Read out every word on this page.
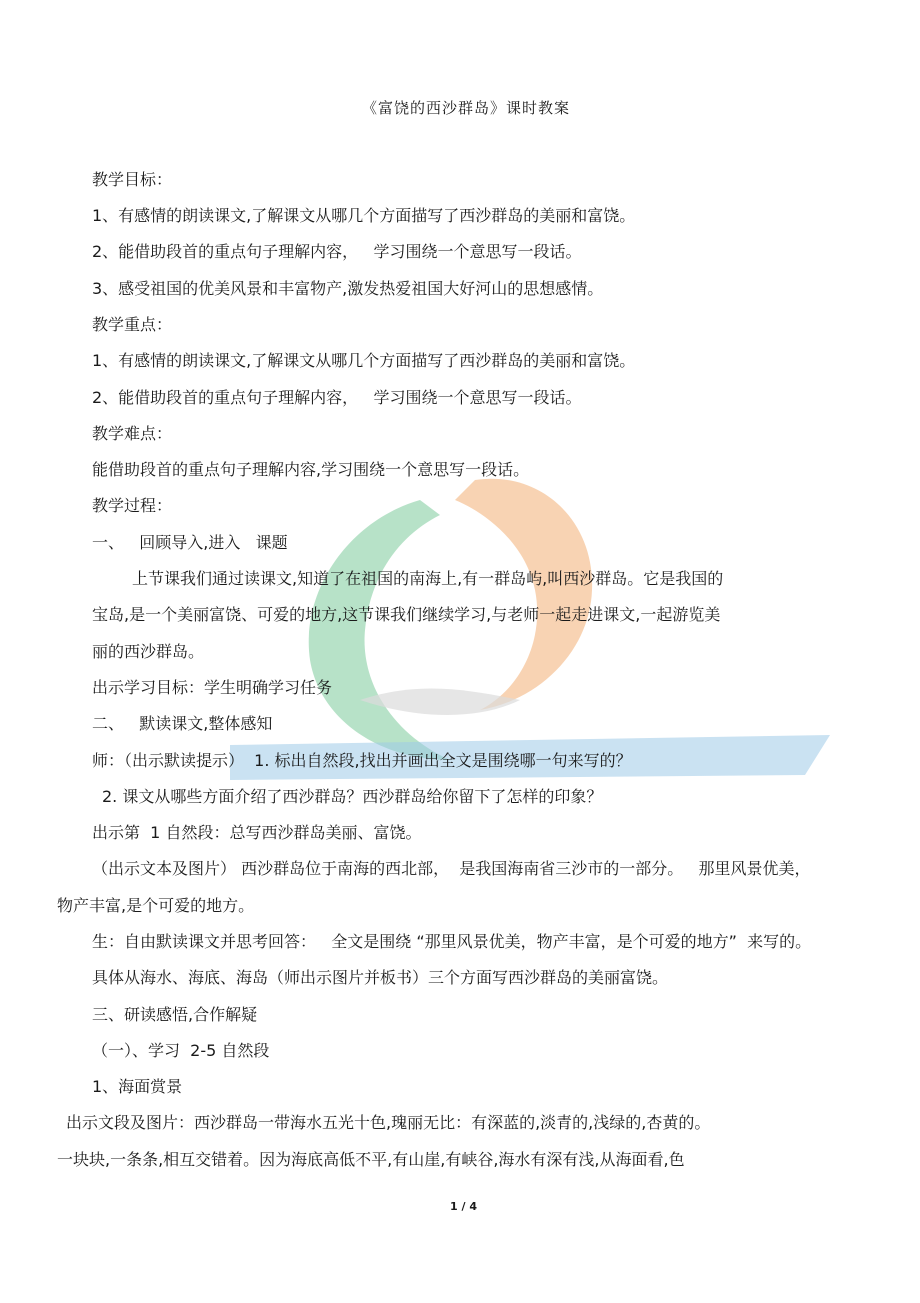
《富饶的西沙群岛》课时教案
教学目标：
1、有感情的朗读课文,了解课文从哪几个方面描写了西沙群岛的美丽和富饶。
2、能借助段首的重点句子理解内容，   学习围绕一个意思写一段话。
3、感受祖国的优美风景和丰富物产,激发热爱祖国大好河山的思想感情。
教学重点：
1、有感情的朗读课文,了解课文从哪几个方面描写了西沙群岛的美丽和富饶。
2、能借助段首的重点句子理解内容，   学习围绕一个意思写一段话。
教学难点：
能借助段首的重点句子理解内容,学习围绕一个意思写一段话。
教学过程：
一、   回顾导入,进入   课题
上节课我们通过读课文,知道了在祖国的南海上,有一群岛屿,叫西沙群岛。它是我国的
宝岛,是一个美丽富饶、可爱的地方,这节课我们继续学习,与老师一起走进课文,一起游览美
丽的西沙群岛。
出示学习目标：学生明确学习任务
二、   默读课文,整体感知
师：（出示默读提示）  1. 标出自然段,找出并画出全文是围绕哪一句来写的？
2. 课文从哪些方面介绍了西沙群岛？西沙群岛给你留下了怎样的印象？
出示第  1 自然段：总写西沙群岛美丽、富饶。
（出示文本及图片） 西沙群岛位于南海的西北部，  是我国海南省三沙市的一部分。   那里风景优美，
物产丰富,是个可爱的地方。
生：自由默读课文并思考回答：   全文是围绕 “那里风景优美，物产丰富，是个可爱的地方”  来写的。
具体从海水、海底、海岛（师出示图片并板书）三个方面写西沙群岛的美丽富饶。
三、研读感悟,合作解疑
（一）、学习  2-5 自然段
1、海面赏景
出示文段及图片：西沙群岛一带海水五光十色,瑰丽无比：有深蓝的,淡青的,浅绿的,杏黄的。
一块块,一条条,相互交错着。因为海底高低不平,有山崖,有峡谷,海水有深有浅,从海面看,色
1 / 4
